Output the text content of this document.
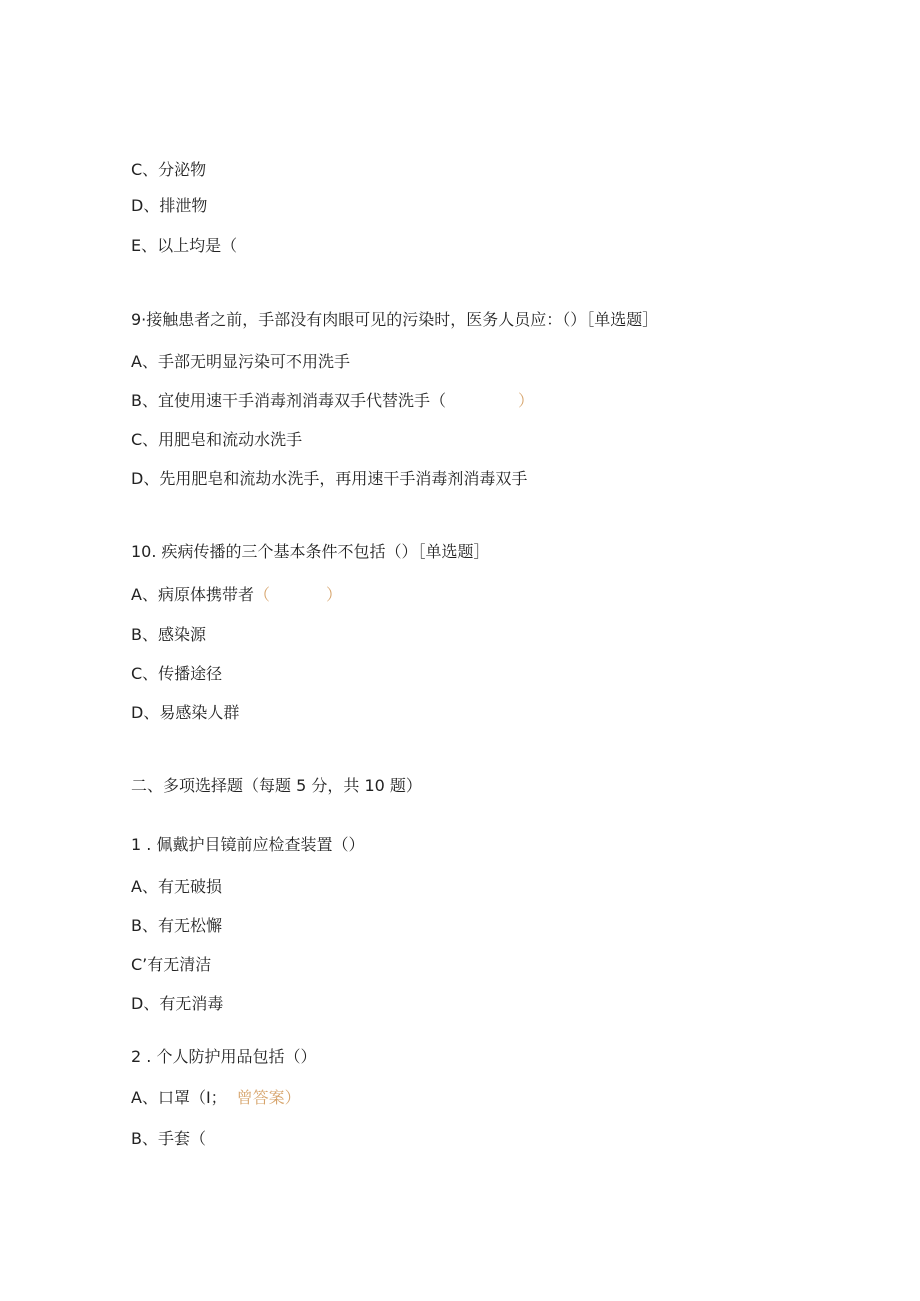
C、分泌物
D、排泄物
E、以上均是（
9·接触患者之前，手部没有肉眼可见的污染时，医务人员应：（）［单选题］
A、手部无明显污染可不用洗手
B、宜使用速干手消毒剂消毒双手代替洗手（	）
C、用肥皂和流动水洗手
D、先用肥皂和流劫水洗手，再用速干手消毒剂消毒双手
10. 疾病传播的三个基本条件不包括（）［单选题］
A、病原体携带者（	）
B、感染源
C、传播途径
D、易感染人群
二、多项选择题（每题 5 分，共 10 题）
1 . 佩戴护目镜前应检查装置（）
A、有无破损
B、有无松懈
C’有无清洁
D、有无消毒
2 . 个人防护用品包括（）
A、口罩（I； 曾答案）
B、手套（
